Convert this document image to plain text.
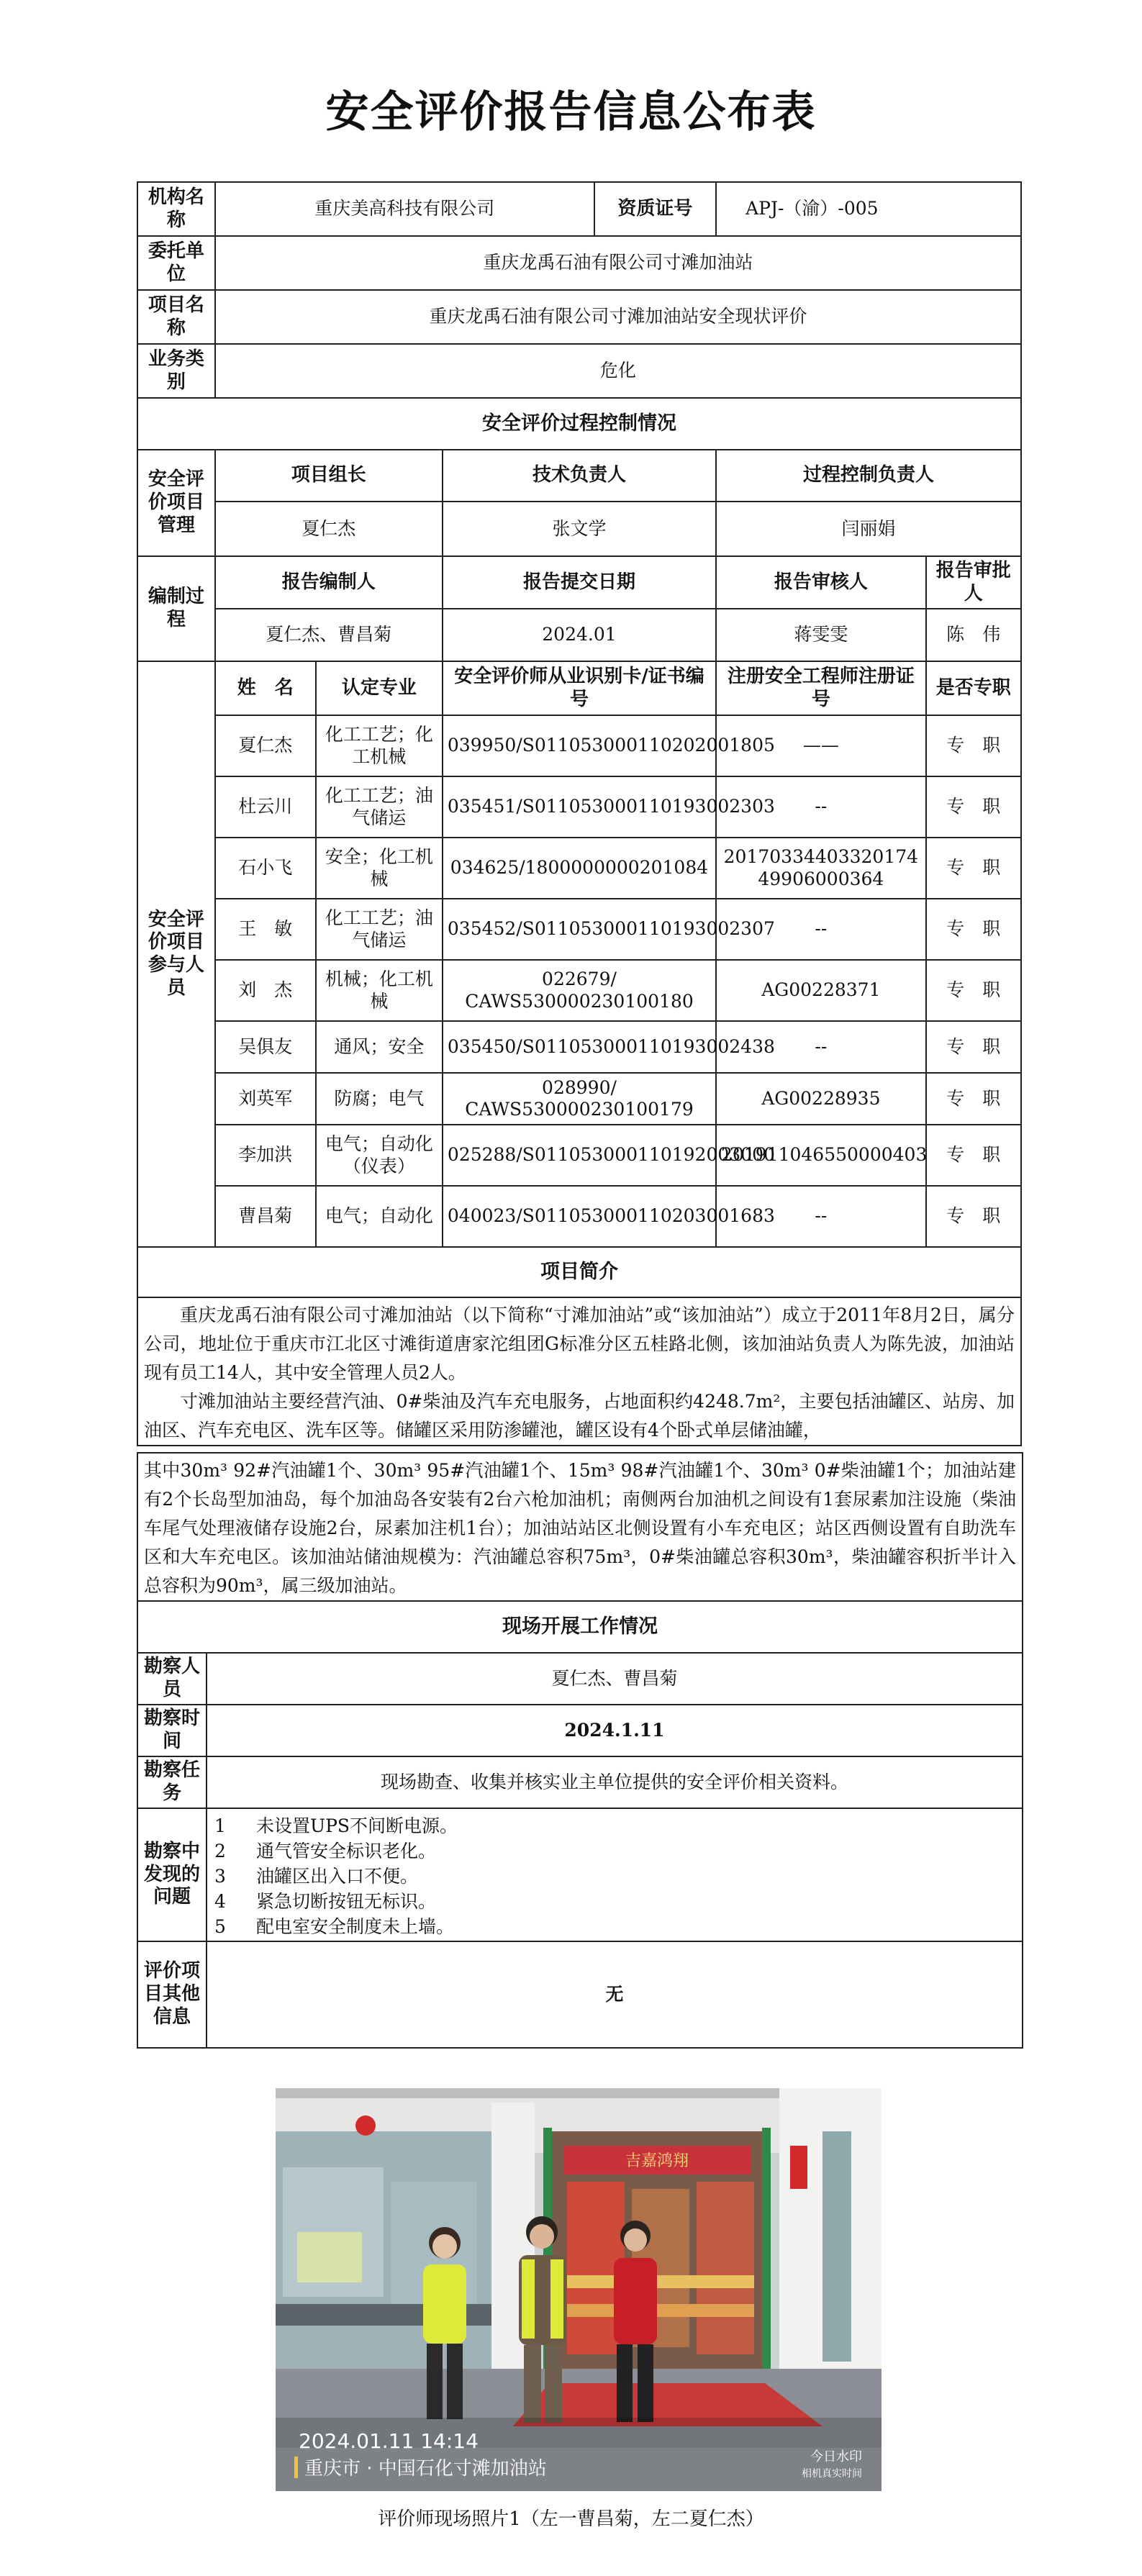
安全评价报告信息公布表
机构名称	重庆美高科技有限公司			资质证号	APJ-（渝）-005	
委托单位	重庆龙禹石油有限公司寸滩加油站					
项目名称	重庆龙禹石油有限公司寸滩加油站安全现状评价					
业务类别	危化					
安全评价过程控制情况						
安全评价项目管理	项目组长		技术负责人		过程控制负责人	
	夏仁杰		张文学		闫丽娟	
编制过程	报告编制人		报告提交日期		报告审核人	报告审批人
	夏仁杰、曹昌菊		2024.01		蒋雯雯	陈　伟
安全评价项目参与人员	姓　名	认定专业	安全评价师从业识别卡/证书编号		注册安全工程师注册证号	是否专职
	夏仁杰	化工工艺；化工机械	039950/S011053000110202001805		——	专　职
	杜云川	化工工艺；油气储运	035451/S011053000110193002303		--	专　职
	石小飞	安全；化工机械	034625/1800000000201084		2017033440332017449906000364	专　职
	王　敏	化工工艺；油气储运	035452/S011053000110193002307		--	专　职
	刘　杰	机械；化工机械	022679/ CAWS530000230100180		AG00228371	专　职
	吴俱友	通风；安全	035450/S011053000110193002438		--	专　职
	刘英军	防腐；电气	028990/ CAWS530000230100179		AG00228935	专　职
	李加洪	电气；自动化（仪表）	025288/S011053000110192003000		201911046550000403	专　职
	曹昌菊	电气；自动化	040023/S011053000110203001683		--	专　职
项目简介						

重庆龙禹石油有限公司寸滩加油站（以下简称“寸滩加油站”或“该加油站”）成立于2011年8月2日，属分公司，地址位于重庆市江北区寸滩街道唐家沱组团G标准分区五桂路北侧，该加油站负责人为陈先波，加油站现有员工14人，其中安全管理人员2人。
寸滩加油站主要经营汽油、0#柴油及汽车充电服务，占地面积约4248.7m²，主要包括油罐区、站房、加油区、汽车充电区、洗车区等。储罐区采用防渗罐池，罐区设有4个卧式单层储油罐，						
其中30m³ 92#汽油罐1个、30m³ 95#汽油罐1个、15m³ 98#汽油罐1个、30m³ 0#柴油罐1个；加油站建有2个长岛型加油岛，每个加油岛各安装有2台六枪加油机；南侧两台加油机之间设有1套尿素加注设施（柴油车尾气处理液储存设施2台，尿素加注机1台）；加油站站区北侧设置有小车充电区；站区西侧设置有自助洗车区和大车充电区。该加油站储油规模为：汽油罐总容积75m³，0#柴油罐总容积30m³，柴油罐容积折半计入总容积为90m³，属三级加油站。	
现场开展工作情况	
勘察人员	夏仁杰、曹昌菊
勘察时间	2024.1.11
勘察任务	现场勘查、收集并核实业主单位提供的安全评价相关资料。
勘察中发现的问题	1 未设置UPS不间断电源。
2 通气管安全标识老化。
3 油罐区出入口不便。
4 紧急切断按钮无标识。
5 配电室安全制度未上墙。

评价项目其他信息	无
吉嘉鸿翔
2024.01.11 14:14
重庆市 · 中国石化寸滩加油站
今日水印
相机真实时间
评价师现场照片1（左一曹昌菊，左二夏仁杰）
